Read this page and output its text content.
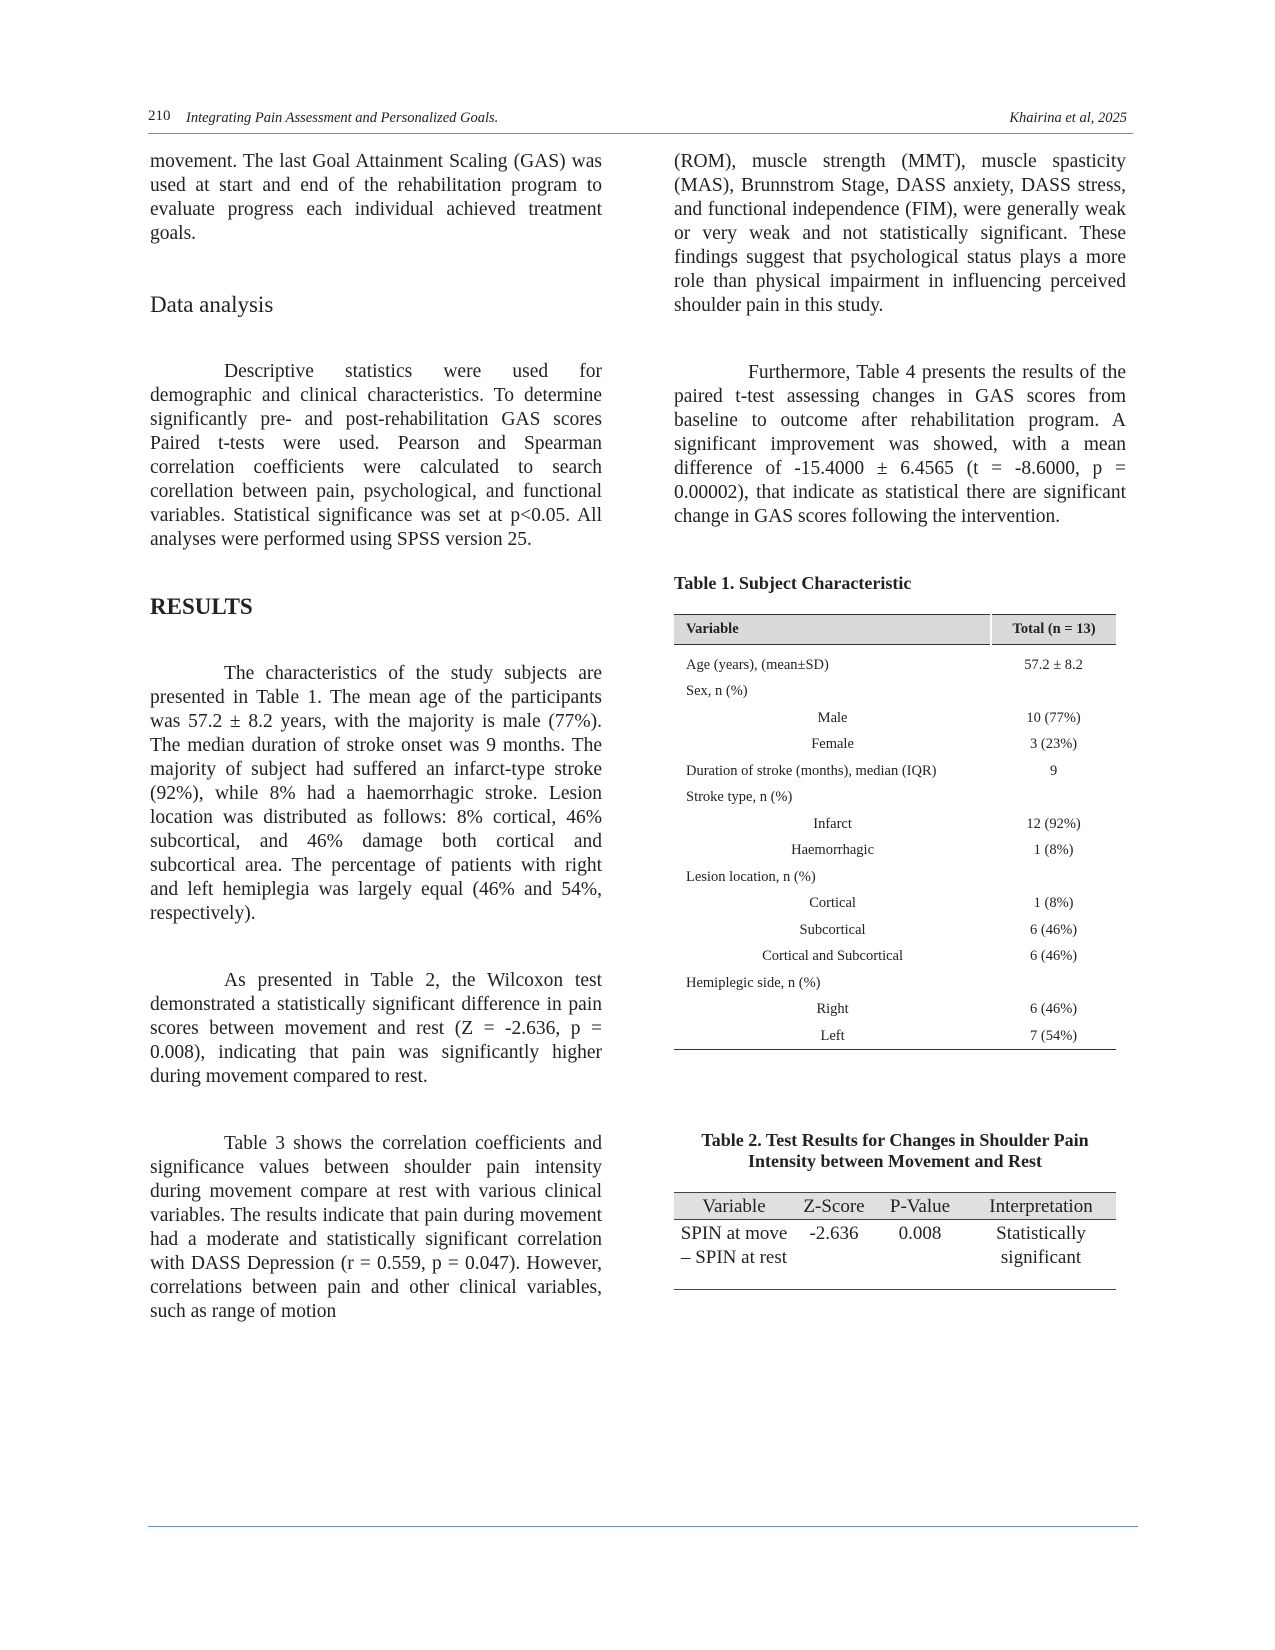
210 Integrating Pain Assessment and Personalized Goals.	Khairina et al, 2025

movement. The last Goal Attainment Scaling (GAS) was used at start and end of the rehabilitation program to evaluate progress each individual achieved treatment goals.

Data analysis

Descriptive statistics were used for demographic and clinical characteristics. To determine significantly pre- and post-rehabilitation GAS scores Paired t-tests were used. Pearson and Spearman correlation coefficients were calculated to search corellation between pain, psychological, and functional variables. Statistical significance was set at p<0.05. All analyses were performed using SPSS version 25.

RESULTS

The characteristics of the study subjects are presented in Table 1. The mean age of the participants was 57.2 ± 8.2 years, with the majority is male (77%). The median duration of stroke onset was 9 months. The majority of subject had suffered an infarct-type stroke (92%), while 8% had a haemorrhagic stroke. Lesion location was distributed as follows: 8% cortical, 46% subcortical, and 46% damage both cortical and subcortical area. The percentage of patients with right and left hemiplegia was largely equal (46% and 54%, respectively).

As presented in Table 2, the Wilcoxon test demonstrated a statistically significant difference in pain scores between movement and rest (Z = -2.636, p = 0.008), indicating that pain was significantly higher during movement compared to rest.

Table 3 shows the correlation coefficients and significance values between shoulder pain intensity during movement compare at rest with various clinical variables. The results indicate that pain during movement had a moderate and statistically significant correlation with DASS Depression (r = 0.559, p = 0.047). However, correlations between pain and other clinical variables, such as range of motion

(ROM), muscle strength (MMT), muscle spasticity (MAS), Brunnstrom Stage, DASS anxiety, DASS stress, and functional independence (FIM), were generally weak or very weak and not statistically significant. These findings suggest that psychological status plays a more role than physical impairment in influencing perceived shoulder pain in this study.

Furthermore, Table 4 presents the results of the paired t-test assessing changes in GAS scores from baseline to outcome after rehabilitation program. A significant improvement was showed, with a mean difference of -15.4000 ± 6.4565 (t = -8.6000, p = 0.00002), that indicate as statistical there are significant change in GAS scores following the intervention.

Table 1. Subject Characteristic
Variable	Total (n = 13)
Age (years), (mean±SD)	57.2 ± 8.2
Sex, n (%)	
Male	10 (77%)
Female	3 (23%)
Duration of stroke (months), median (IQR)	9
Stroke type, n (%)	
Infarct	12 (92%)
Haemorrhagic	1 (8%)
Lesion location, n (%)	
Cortical	1 (8%)
Subcortical	6 (46%)
Cortical and Subcortical	6 (46%)
Hemiplegic side, n (%)	
Right	6 (46%)
Left	7 (54%)
Table 2. Test Results for Changes in Shoulder Pain
Intensity between Movement and Rest
Variable	Z-Score	P-Value	Interpretation
SPIN at move – SPIN at rest	-2.636	0.008	Statistically significant
